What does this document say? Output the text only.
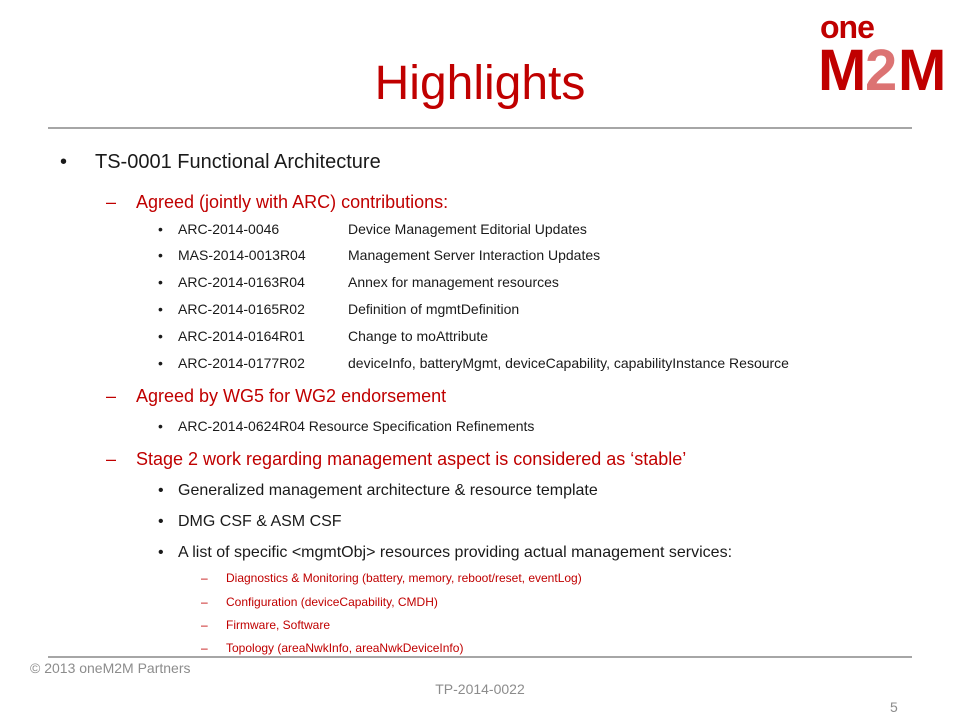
one
M 2 M
Highlights
• TS-0001 Functional Architecture
– Agreed (jointly with ARC) contributions:
• ARC-2014-0046	Device Management Editorial Updates
• MAS-2014-0013R04	Management Server Interaction Updates
• ARC-2014-0163R04	Annex for management resources
• ARC-2014-0165R02	Definition of mgmtDefinition
• ARC-2014-0164R01	Change to moAttribute
• ARC-2014-0177R02	deviceInfo, batteryMgmt, deviceCapability, capabilityInstance Resource
– Agreed by WG5 for WG2 endorsement
• ARC-2014-0624R04 Resource Specification Refinements
– Stage 2 work regarding management aspect is considered as ‘stable’
• Generalized management architecture & resource template
• DMG CSF & ASM CSF
• A list of specific <mgmtObj> resources providing actual management services:
– Diagnostics & Monitoring (battery, memory, reboot/reset, eventLog)
– Configuration (deviceCapability, CMDH)
– Firmware, Software
– Topology (areaNwkInfo, areaNwkDeviceInfo)
© 2013 oneM2M Partners
TP-2014-0022
5
